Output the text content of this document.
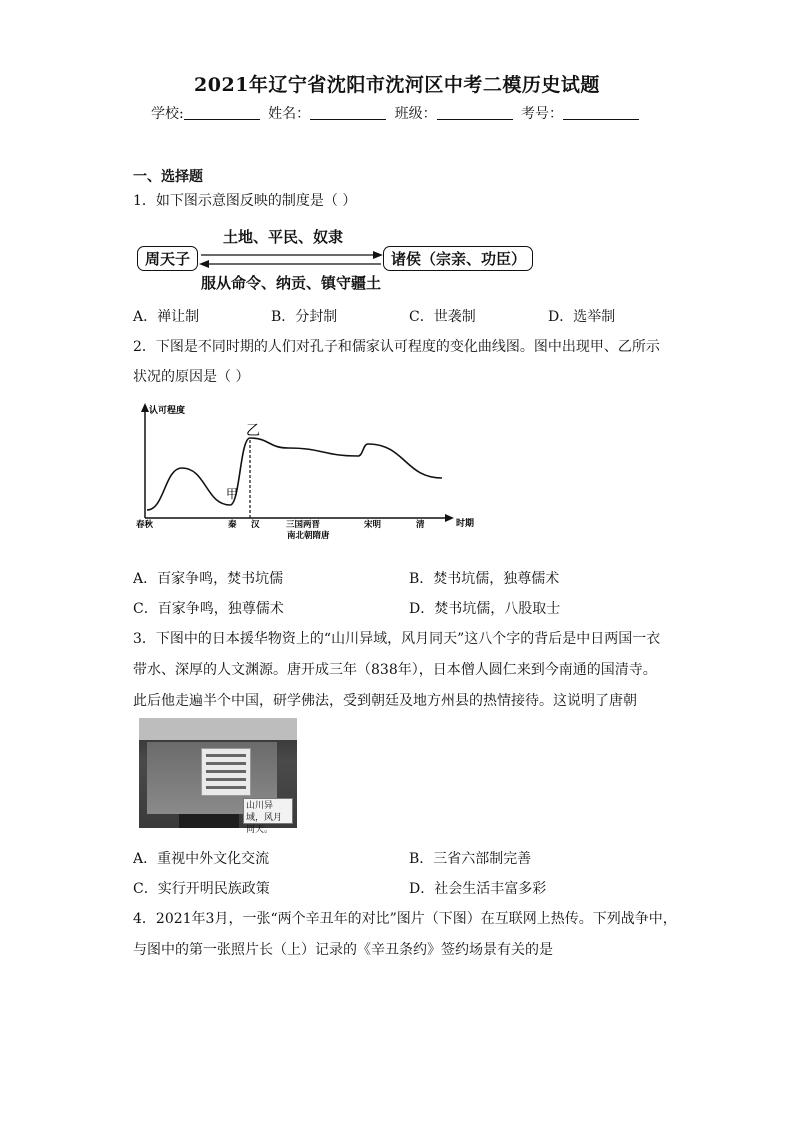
2021年辽宁省沈阳市沈河区中考二模历史试题
学校:	姓名：	班级：	考号：
一、选择题
1．如下图示意图反映的制度是（ ）
周天子	诸侯（宗亲、功臣）
土地、平民、奴隶
服从命令、纳贡、镇守疆土
A．禅让制	B．分封制	C．世袭制	D．选举制
2．下图是不同时期的人们对孔子和儒家认可程度的变化曲线图。图中出现甲、乙所示
状况的原因是（ ）
认可程度
时期
甲
乙
春秋	秦 汉	三国两晋
南北朝隋唐
宋明	清
A．百家争鸣，焚书坑儒	B．焚书坑儒，独尊儒术
C．百家争鸣，独尊儒术	D．焚书坑儒，八股取士
3．下图中的日本援华物资上的“山川异域，风月同天”这八个字的背后是中日两国一衣
带水、深厚的人文渊源。唐开成三年（838年），日本僧人圆仁来到今南通的国清寺。
此后他走遍半个中国，研学佛法，受到朝廷及地方州县的热情接待。这说明了唐朝
山川异域，风月同天。
A．重视中外文化交流	B．三省六部制完善
C．实行开明民族政策	D．社会生活丰富多彩
4．2021年3月，一张“两个辛丑年的对比”图片（下图）在互联网上热传。下列战争中，
与图中的第一张照片长（上）记录的《辛丑条约》签约场景有关的是
